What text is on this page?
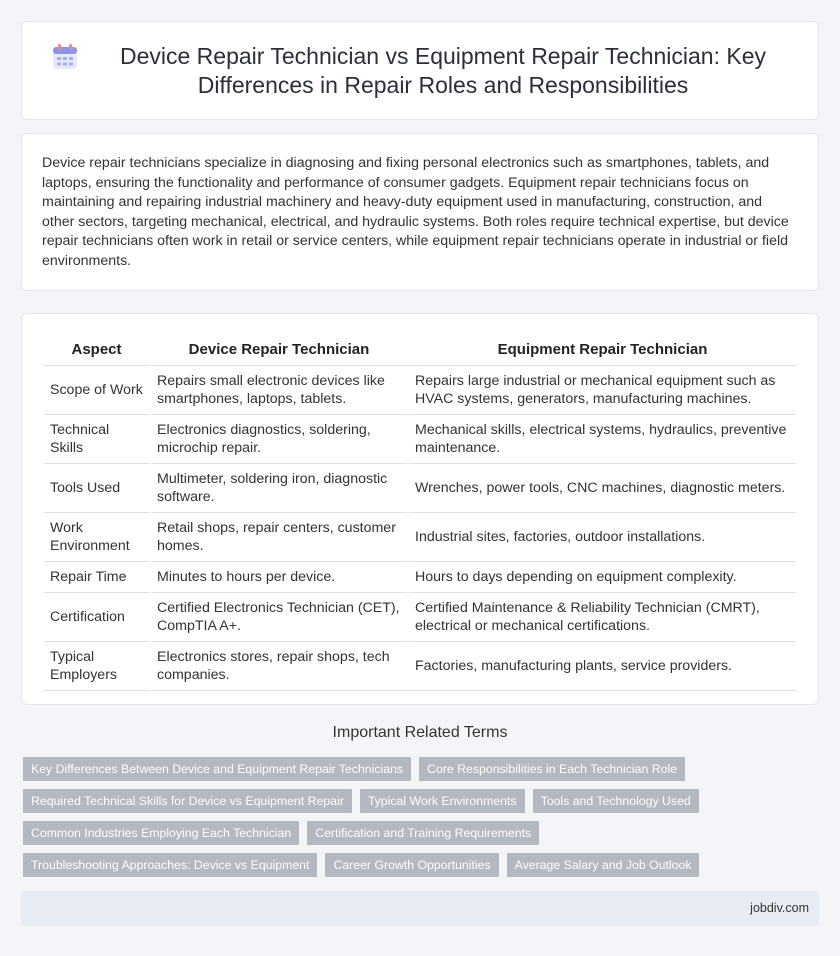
Device Repair Technician vs Equipment Repair Technician: Key Differences in Repair Roles and Responsibilities

Device repair technicians specialize in diagnosing and fixing personal electronics such as smartphones, tablets, and laptops, ensuring the functionality and performance of consumer gadgets. Equipment repair technicians focus on maintaining and repairing industrial machinery and heavy-duty equipment used in manufacturing, construction, and other sectors, targeting mechanical, electrical, and hydraulic systems. Both roles require technical expertise, but device repair technicians often work in retail or service centers, while equipment repair technicians operate in industrial or field environments.

Aspect	Device Repair Technician	Equipment Repair Technician
Scope of Work	Repairs small electronic devices like smartphones, laptops, tablets.	Repairs large industrial or mechanical equipment such as HVAC systems, generators, manufacturing machines.
Technical Skills	Electronics diagnostics, soldering, microchip repair.	Mechanical skills, electrical systems, hydraulics, preventive maintenance.
Tools Used	Multimeter, soldering iron, diagnostic software.	Wrenches, power tools, CNC machines, diagnostic meters.
Work Environment	Retail shops, repair centers, customer homes.	Industrial sites, factories, outdoor installations.
Repair Time	Minutes to hours per device.	Hours to days depending on equipment complexity.
Certification	Certified Electronics Technician (CET), CompTIA A+.	Certified Maintenance & Reliability Technician (CMRT), electrical or mechanical certifications.
Typical Employers	Electronics stores, repair shops, tech companies.	Factories, manufacturing plants, service providers.
Important Related Terms
Key Differences Between Device and Equipment Repair Technicians	Core Responsibilities in Each Technician Role
Required Technical Skills for Device vs Equipment Repair	Typical Work Environments	Tools and Technology Used
Common Industries Employing Each Technician	Certification and Training Requirements
Troubleshooting Approaches: Device vs Equipment	Career Growth Opportunities	Average Salary and Job Outlook
jobdiv.com
